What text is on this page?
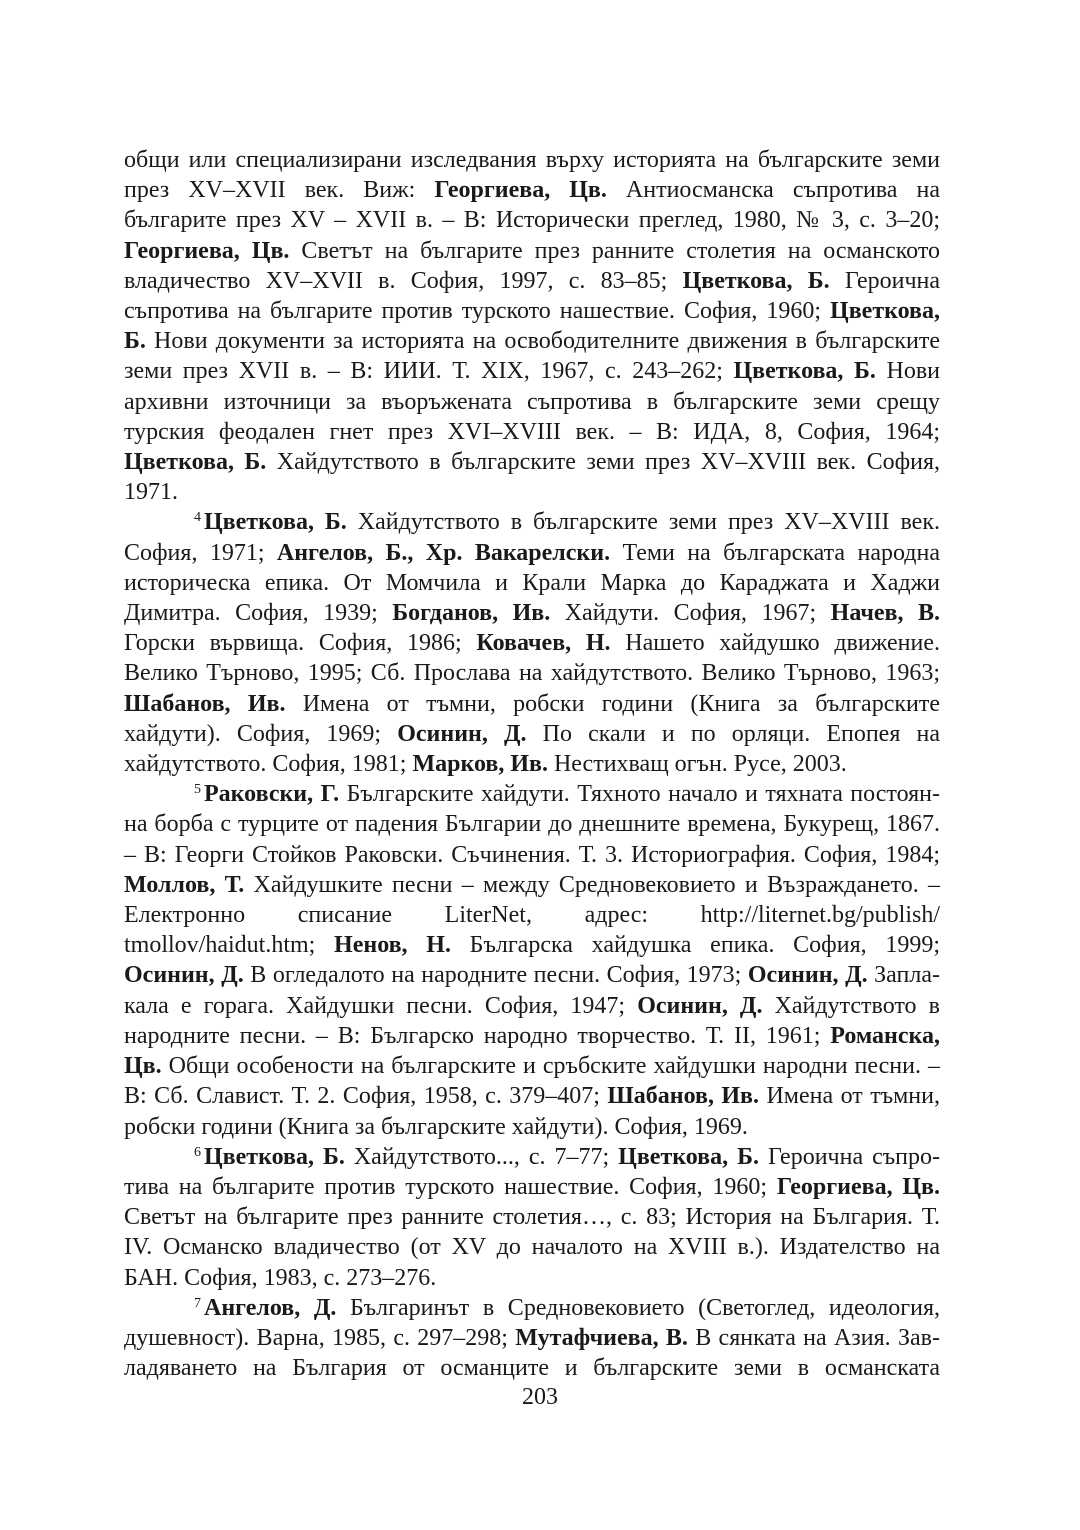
общи или специализирани изследвания върху историята на българските земи през XV–XVII век. Виж: Георгиева, Цв. Антиосманска съпротива на българите през XV – XVII в. – В: Исторически преглед, 1980, № 3, с. 3–20; Георгиева, Цв. Светът на българите през ранните столетия на османското владичество XV–XVII в. София, 1997, с. 83–85; Цветкова, Б. Героична съпротива на българите против турското нашествие. София, 1960; Цветкова, Б. Нови документи за историята на освободителните движения в българските земи през XVII в. – В: ИИИ. Т. XIX, 1967, с. 243–262; Цветкова, Б. Нови архивни източници за въоръжената съпротива в българските земи срещу турския феодален гнет през XVI–XVIII век. – В: ИДА, 8, София, 1964; Цветкова, Б. Хайдутството в българските земи през XV–XVIII век. София, 1971.

$^4$ Цветкова, Б. Хайдутството в българските земи през XV–XVIII век. София, 1971; Ангелов, Б., Хр. Вакарелски. Теми на българската народна историческа епика. От Момчила и Крали Марка до Караджата и Хаджи Димитра. София, 1939; Богданов, Ив. Хайдути. София, 1967; Начев, В. Горски вървища. София, 1986; Ковачев, Н. Нашето хайдушко движение. Велико Търново, 1995; Сб. Прослава на хайдутството. Велико Търново, 1963; Шабанов, Ив. Имена от тъмни, робски години (Книга за българските хайдути). София, 1969; Осинин, Д. По скали и по орляци. Епопея на хайдутството. София, 1981; Марков, Ив. Нестихващ огън. Русе, 2003.

$^5$ Раковски, Г. Българските хайдути. Тяхното начало и тяхната постоянна борба с турците от падения Българии до днешните времена, Букурещ, 1867. – В: Георги Стойков Раковски. Съчинения. Т. 3. Историография. София, 1984; Моллов, Т. Хайдушките песни – между Средновековието и Възраждането. – Електронно списание LiterNet, адрес: http://liternet.bg/publish/ tmollov/haidut.htm; Ненов, Н. Българска хайдушка епика. София, 1999; Осинин, Д. В огледалото на народните песни. София, 1973; Осинин, Д. Заплакала е горага. Хайдушки песни. София, 1947; Осинин, Д. Хайдутството в народните песни. – В: Българско народно творчество. Т. II, 1961; Романска, Цв. Общи особености на българските и сръбските хайдушки народни песни. – В: Сб. Славист. Т. 2. София, 1958, с. 379–407; Шабанов, Ив. Имена от тъмни, робски години (Книга за българските хайдути). София, 1969.

$^6$ Цветкова, Б. Хайдутството..., с. 7–77; Цветкова, Б. Героична съпротива на българите против турското нашествие. София, 1960; Георгиева, Цв. Светът на българите през ранните столетия…, с. 83; История на България. Т. IV. Османско владичество (от XV до началото на XVIII в.). Издателство на БАН. София, 1983, с. 273–276.

$^7$ Ангелов, Д. Българинът в Средновековието (Светоглед, идеология, душевност). Варна, 1985, с. 297–298; Мутафчиева, В. В сянката на Азия. Завладяването на България от османците и българските земи в османската

203
